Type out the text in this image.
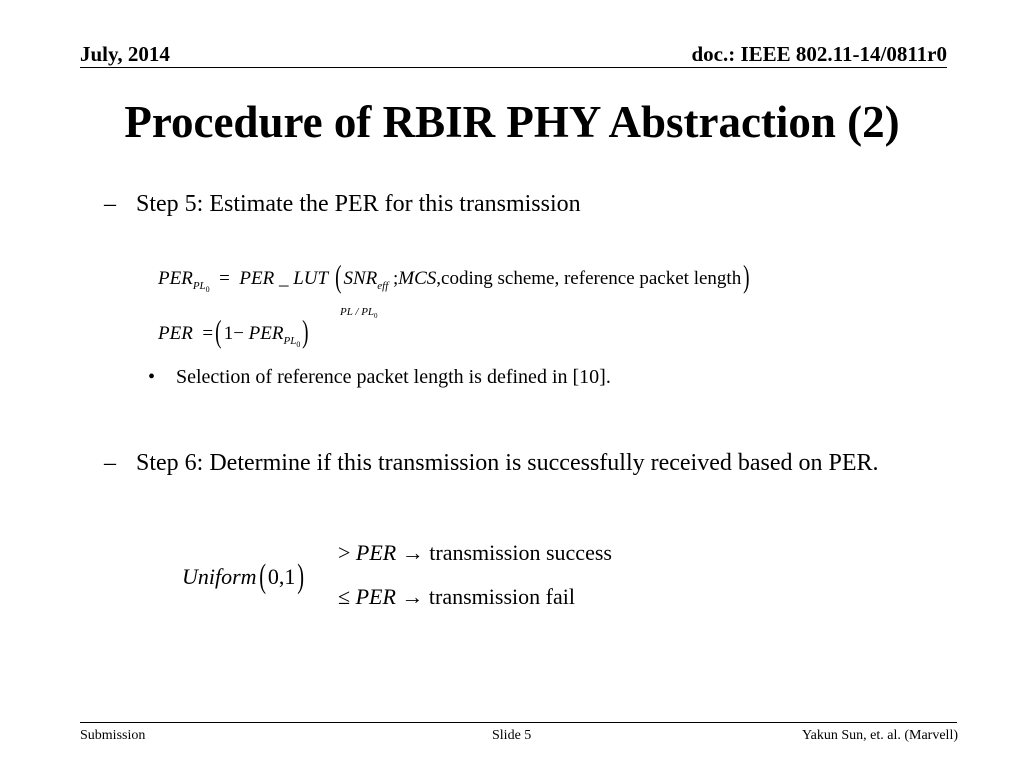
July, 2014	doc.: IEEE 802.11-14/0811r0
Procedure of RBIR PHY Abstraction (2)
– Step 5: Estimate the PER for this transmission
$PER_{PL0}$  = PER _ LUT ( $SNR_{eff}$ ;MCS,coding scheme, reference packet length)
PER =( $1- PER_{PL0}$)
PL / $PL_0$
• Selection of reference packet length is defined in [10].
– Step 6: Determine if this transmission is successfully received based on PER.
Uniform( 0,1)
> PER → transmission success
≤ PER → transmission fail
Submission	Slide 5	Yakun Sun, et. al. (Marvell)
